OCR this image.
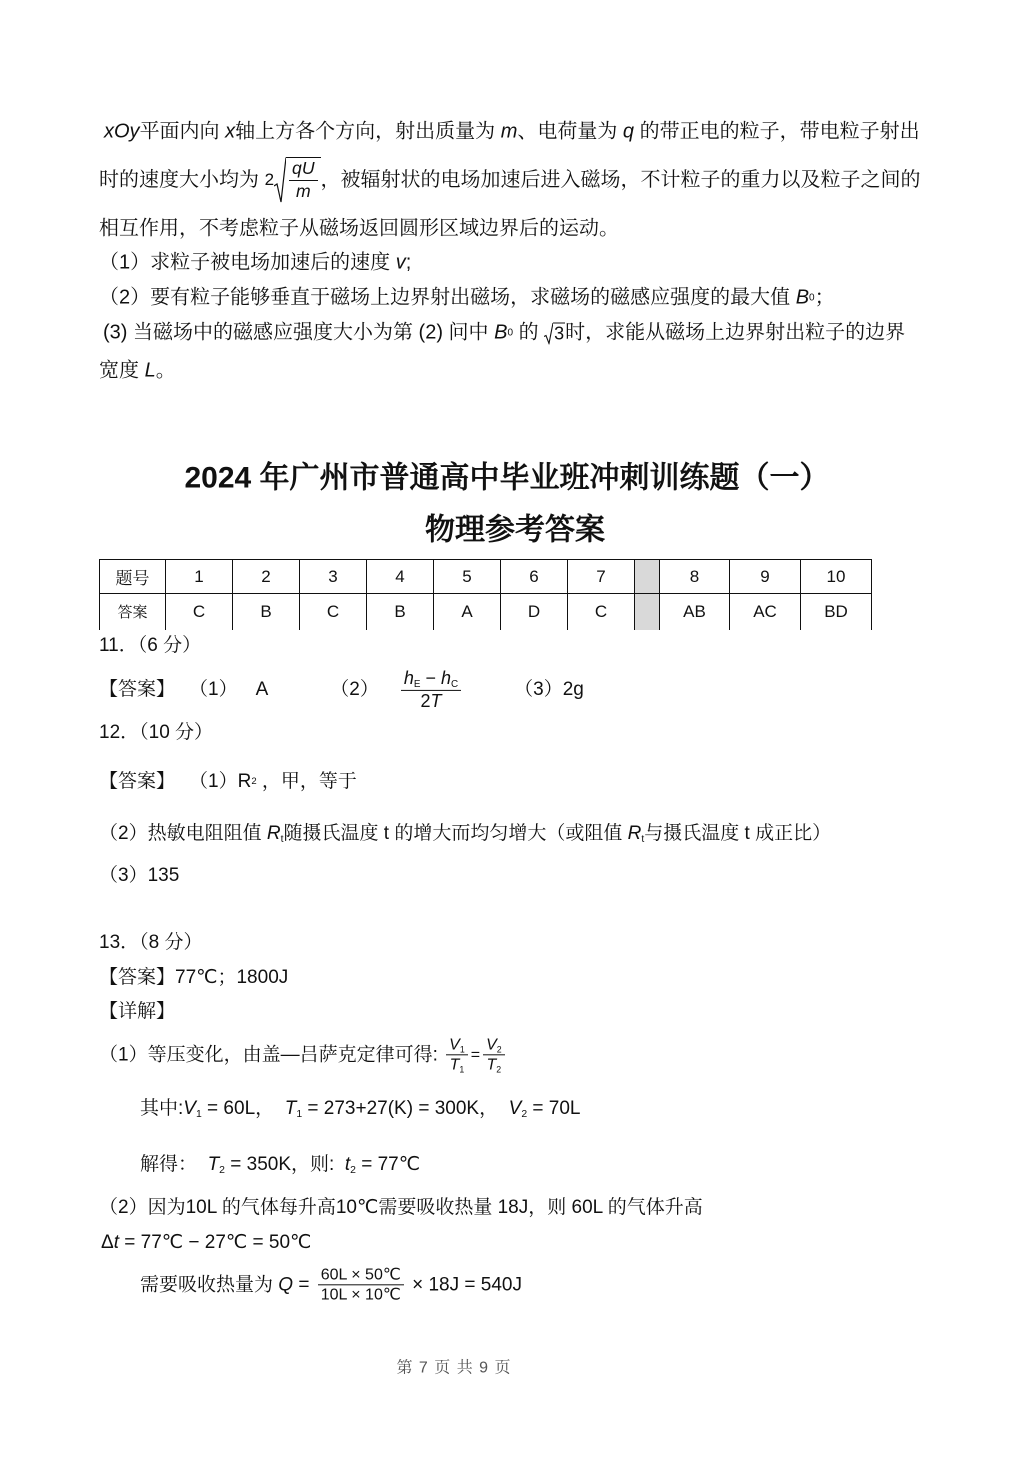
xOy 平面内向 x 轴上方各个方向，射出质量为 m 、电荷量为 q 的带正电的粒子，带电粒子射出
时的速度大小均为 $2 \frac{qU}{m}$ ，被辐射状的电场加速后进入磁场，不计粒子的重力以及粒子之间的
相互作用，不考虑粒子从磁场返回圆形区域边界后的运动。
（1）求粒子被电场加速后的速度 v ;
（2）要有粒子能够垂直于磁场上边界射出磁场，求磁场的磁感应强度的最大值 B 0 ；
(3) 当磁场中的磁感应强度大小为第 (2) 问中 B 0 的 3 时，求能从磁场上边界射出粒子的边界
宽度 L 。
2024 年广州市普通高中毕业班冲刺训练题（一）
物理参考答案
题号	1	2	3	4	5	6	7		8	9	10
答案	C	B	C	B	A	D	C		AB	AC	BD
11．（6 分）
【答案】 （1） A	$(2) \frac{\text{h E − h C}}{2 T}$	（3） 2g
12．（10 分）
【答案】 （1） R 2 ，甲，等于
（2）热敏电阻阻值 R t 随摄氏温度 t 的增大而均匀增大（或阻值 R t 与摄氏温度 t 成正比）
（3）135
13．（8 分）
【答案】 77℃；1800J
【详解】
（1）等压变化，由盖—吕萨克定律可得: $\frac{V 1}{T 1} = \frac{V 2}{T 2}$
其中: V 1 = 60L， T 1 = 273+27(K) = 300K， V 2 = 70L
解得： T 2 = 350K，则: t 2 = 77℃
（2）因为10L 的气体每升高10℃需要吸收热量 18J，则 60L 的气体升高
Δ t = 77℃ − 27℃ = 50℃
需要吸收热量为 $Q = \frac{60L \times 50℃}{10L \times 10℃} \times 18J = 540J$
第 7 页 共 9 页
